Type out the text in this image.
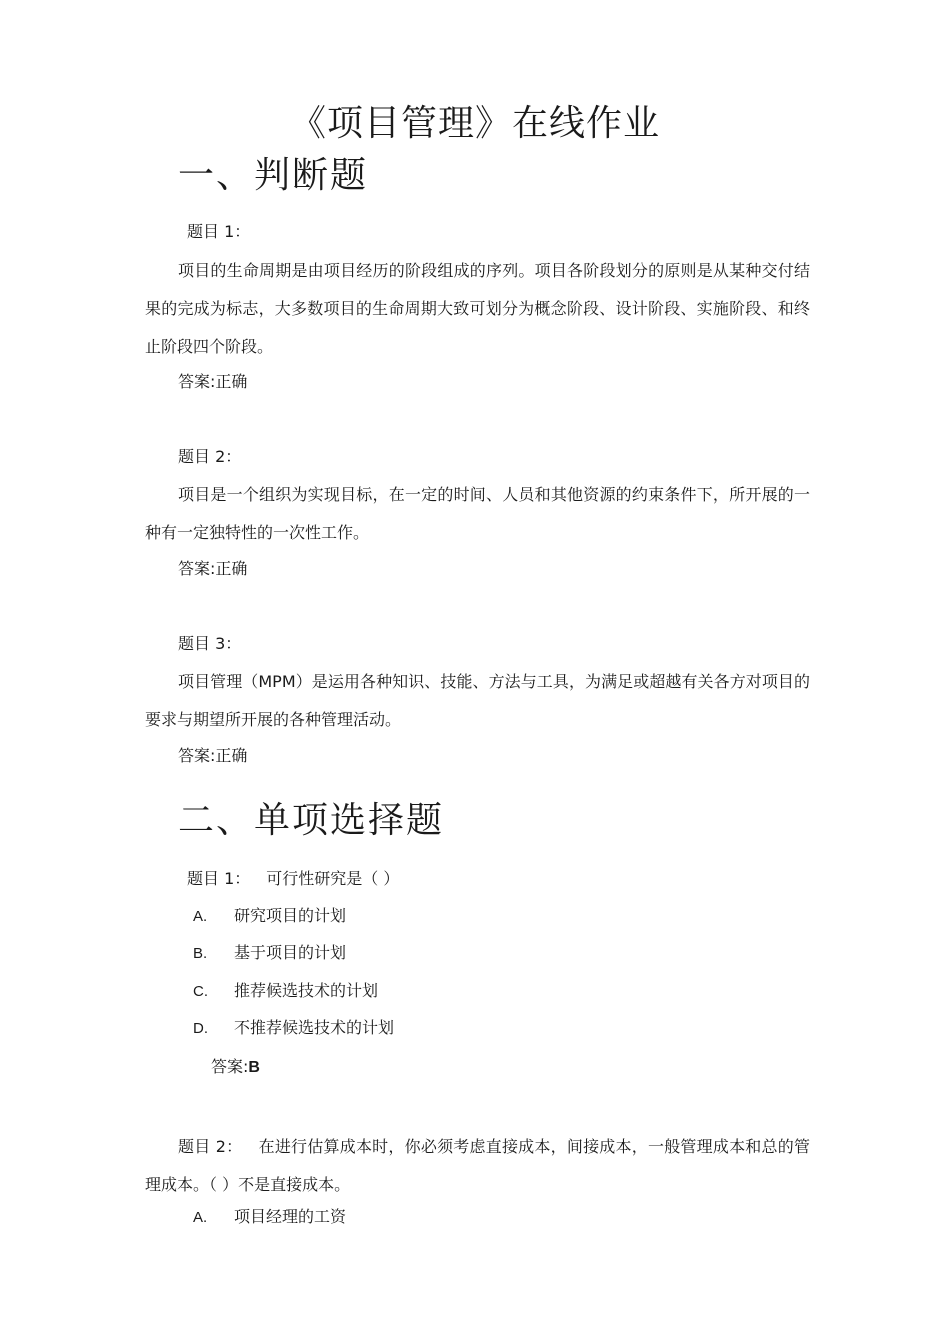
《项目管理》在线作业
一、判断题

题目 1：

项目的生命周期是由项目经历的阶段组成的序列。项目各阶段划分的原则是从某种交付结果的完成为标志，大多数项目的生命周期大致可划分为概念阶段、设计阶段、实施阶段、和终止阶段四个阶段。

答案:正确

题目 2：

项目是一个组织为实现目标，在一定的时间、人员和其他资源的约束条件下，所开展的一种有一定独特性的一次性工作。

答案:正确

题目 3：

项目管理（MPM）是运用各种知识、技能、方法与工具，为满足或超越有关各方对项目的要求与期望所开展的各种管理活动。

答案:正确

二、单项选择题

题目 1： 可行性研究是（ ）

A. 研究项目的计划
B. 基于项目的计划
C. 推荐候选技术的计划
D. 不推荐候选技术的计划

答案:B

题目 2： 在进行估算成本时，你必须考虑直接成本，间接成本，一般管理成本和总的管理成本。（ ）不是直接成本。

A. 项目经理的工资
